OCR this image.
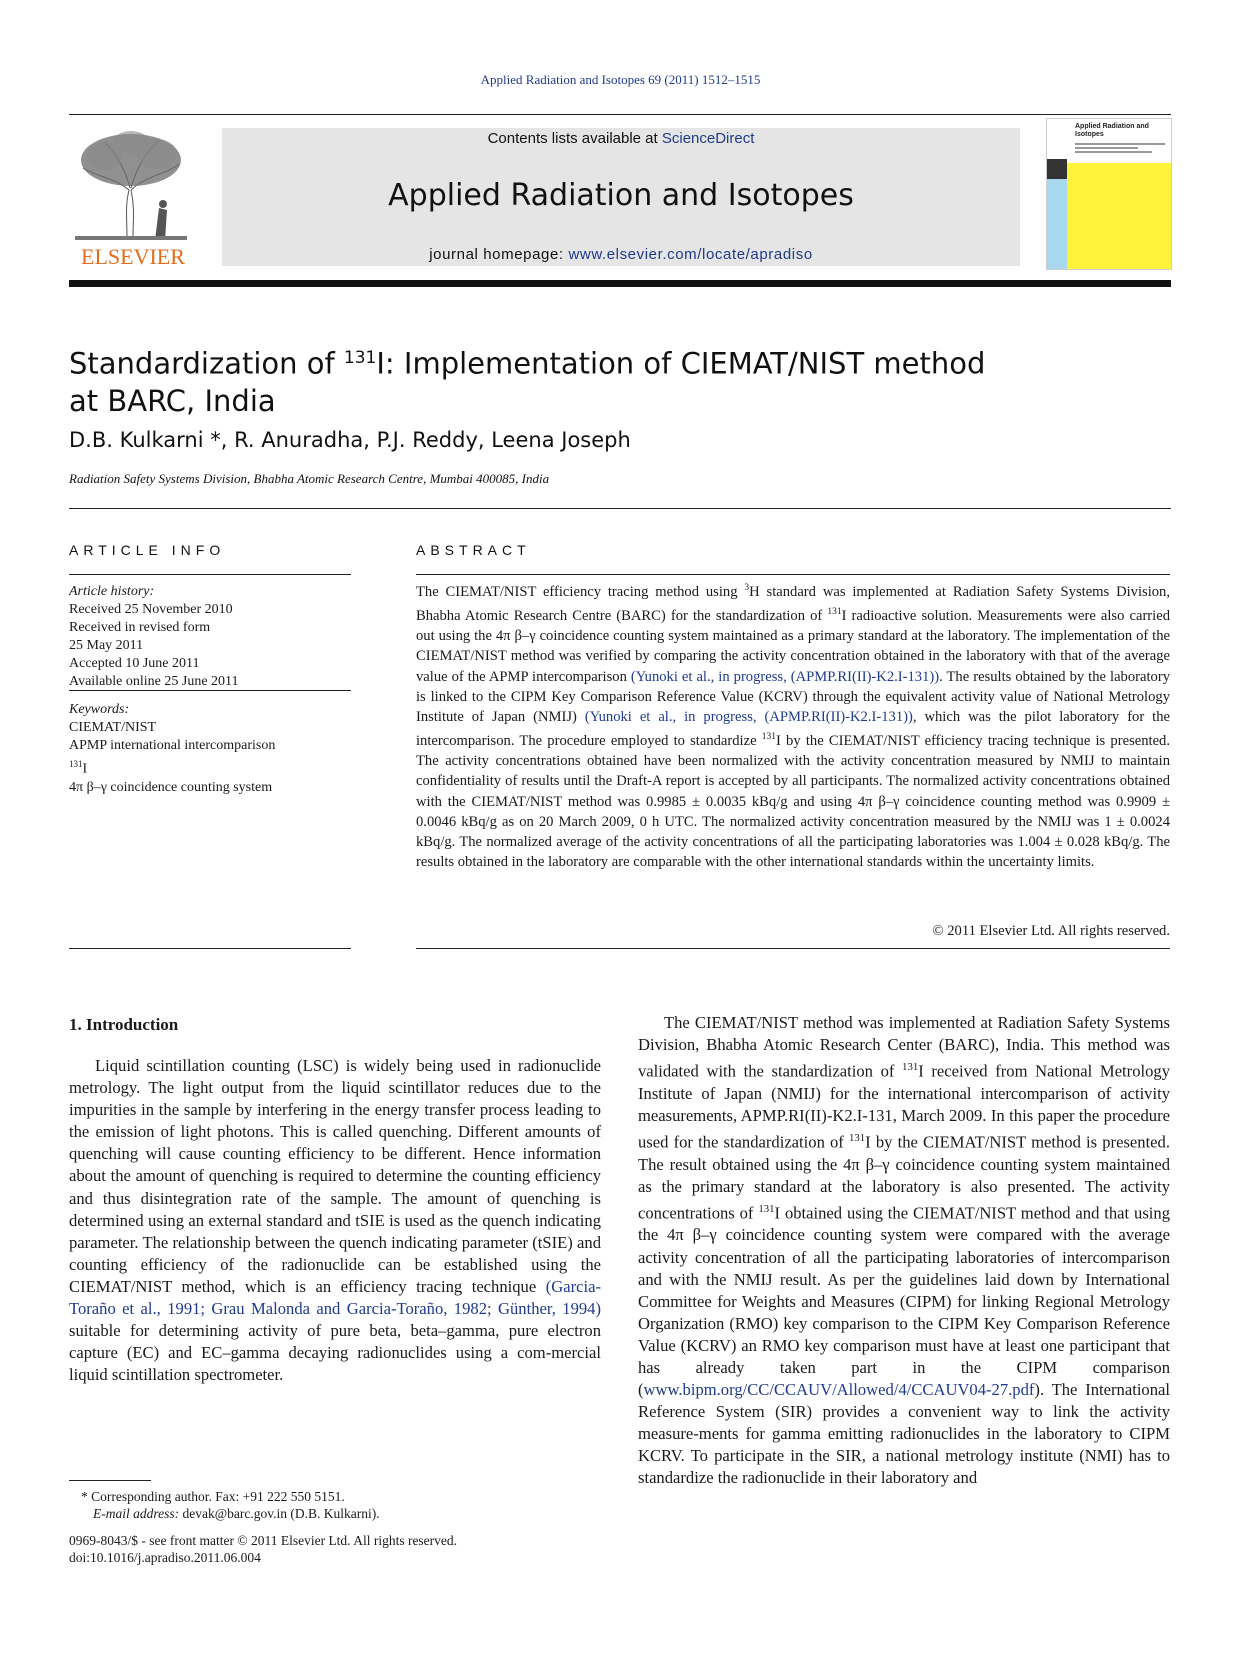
Applied Radiation and Isotopes 69 (2011) 1512–1515
ELSEVIER
Contents lists available at ScienceDirect
Applied Radiation and Isotopes
journal homepage: www.elsevier.com/locate/apradiso
Applied Radiation and Isotopes
Standardization of $^{131}$I: Implementation of CIEMAT/NIST method
at BARC, India
D.B. Kulkarni *, R. Anuradha, P.J. Reddy, Leena Joseph
Radiation Safety Systems Division, Bhabha Atomic Research Centre, Mumbai 400085, India
ARTICLE INFO
Article history:
Received 25 November 2010
Received in revised form
25 May 2011
Accepted 10 June 2011
Available online 25 June 2011
Keywords:
CIEMAT/NIST
APMP international intercomparison
$^{131}$I
4π β–γ coincidence counting system
ABSTRACT
The CIEMAT/NIST efficiency tracing method using $^3$H standard was implemented at Radiation Safety Systems Division, Bhabha Atomic Research Centre (BARC) for the standardization of $^{131}$I radioactive solution. Measurements were also carried out using the 4π β–γ coincidence counting system maintained as a primary standard at the laboratory. The implementation of the CIEMAT/NIST method was verified by comparing the activity concentration obtained in the laboratory with that of the average value of the APMP intercomparison (Yunoki et al., in progress, (APMP.RI(II)-K2.I-131)). The results obtained by the laboratory is linked to the CIPM Key Comparison Reference Value (KCRV) through the equivalent activity value of National Metrology Institute of Japan (NMIJ) (Yunoki et al., in progress, (APMP.RI(II)-K2.I-131)), which was the pilot laboratory for the intercomparison. The procedure employed to standardize $^{131}$I by the CIEMAT/NIST efficiency tracing technique is presented. The activity concentrations obtained have been normalized with the activity concentration measured by NMIJ to maintain confidentiality of results until the Draft-A report is accepted by all participants. The normalized activity concentrations obtained with the CIEMAT/NIST method was 0.9985 ± 0.0035 kBq/g and using 4π β–γ coincidence counting method was 0.9909 ± 0.0046 kBq/g as on 20 March 2009, 0 h UTC. The normalized activity concentration measured by the NMIJ was 1 ± 0.0024 kBq/g. The normalized average of the activity concentrations of all the participating laboratories was 1.004 ± 0.028 kBq/g. The results obtained in the laboratory are comparable with the other international standards within the uncertainty limits.
© 2011 Elsevier Ltd. All rights reserved.
1. Introduction
Liquid scintillation counting (LSC) is widely being used in radionuclide metrology. The light output from the liquid scintillator reduces due to the impurities in the sample by interfering in the energy transfer process leading to the emission of light photons. This is called quenching. Different amounts of quenching will cause counting efficiency to be different. Hence information about the amount of quenching is required to determine the counting efficiency and thus disintegration rate of the sample. The amount of quenching is determined using an external standard and tSIE is used as the quench indicating parameter. The relationship between the quench indicating parameter (tSIE) and counting efficiency of the radionuclide can be established using the CIEMAT/NIST method, which is an efficiency tracing technique (Garcia-Toraño et al., 1991; Grau Malonda and Garcia-Toraño, 1982; Günther, 1994) suitable for determining activity of pure beta, beta–gamma, pure electron capture (EC) and EC–gamma decaying radionuclides using a com-mercial liquid scintillation spectrometer.
The CIEMAT/NIST method was implemented at Radiation Safety Systems Division, Bhabha Atomic Research Center (BARC), India. This method was validated with the standardization of $^{131}$I received from National Metrology Institute of Japan (NMIJ) for the international intercomparison of activity measurements, APMP.RI(II)-K2.I-131, March 2009. In this paper the procedure used for the standardization of $^{131}$I by the CIEMAT/NIST method is presented. The result obtained using the 4π β–γ coincidence counting system maintained as the primary standard at the laboratory is also presented. The activity concentrations of $^{131}$I obtained using the CIEMAT/NIST method and that using the 4π β–γ coincidence counting system were compared with the average activity concentration of all the participating laboratories of intercomparison and with the NMIJ result. As per the guidelines laid down by International Committee for Weights and Measures (CIPM) for linking Regional Metrology Organization (RMO) key comparison to the CIPM Key Comparison Reference Value (KCRV) an RMO key comparison must have at least one participant that has already taken part in the CIPM comparison (www.bipm.org/CC/CCAUV/Allowed/4/CCAUV04-27.pdf). The International Reference System (SIR) provides a convenient way to link the activity measure-ments for gamma emitting radionuclides in the laboratory to CIPM KCRV. To participate in the SIR, a national metrology institute (NMI) has to standardize the radionuclide in their laboratory and
* Corresponding author. Fax: +91 222 550 5151.
E-mail address: devak@barc.gov.in (D.B. Kulkarni).
0969-8043/$ - see front matter © 2011 Elsevier Ltd. All rights reserved.
doi:10.1016/j.apradiso.2011.06.004
